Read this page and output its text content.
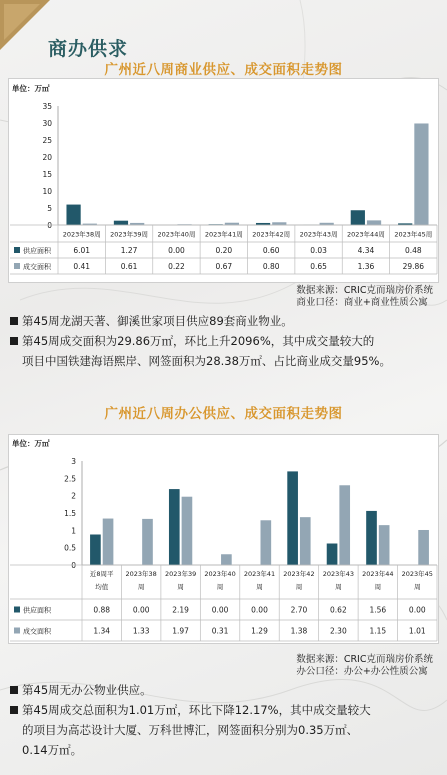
商办供求
广州近八周商业供应、成交面积走势图
单位：万㎡
35
30
25
20
15
10
5
0
2023年38周 2023年39周 2023年40周 2023年41周 2023年42周 2023年43周 2023年44周 2023年45周
供应面积	6.01	1.27	0.00	0.20	0.60	0.03	4.34	0.48
成交面积	0.41	0.61	0.22	0.67	0.80	0.65	1.36	29.86
数据来源：CRIC克而瑞房价系统
商业口径：商业+商业性质公寓
第45周龙湖天著、御溪世家项目供应89套商业物业。
第45周成交面积为29.86万㎡，环比上升2096%，其中成交量较大的
项目中国铁建海语熙岸、网签面积为28.38万㎡、占比商业成交量95%。
广州近八周办公供应、成交面积走势图
单位：万㎡
3
2.5
2
1.5
1
0.5
0
近8周平
均值
2023年38
周
2023年39
周
2023年40
周
2023年41
周
2023年42
周
2023年43
周
2023年44
周
2023年45
周
供应面积	0.88	0.00	2.19	0.00	0.00	2.70	0.62	1.56	0.00
成交面积	1.34	1.33	1.97	0.31	1.29	1.38	2.30	1.15	1.01
数据来源：CRIC克而瑞房价系统
办公口径：办公+办公性质公寓
第45周无办公物业供应。
第45周成交总面积为1.01万㎡，环比下降12.17%，其中成交量较大
的项目为高芯设计大厦、万科世博汇，网签面积分别为0.35万㎡、
0.14万㎡。
